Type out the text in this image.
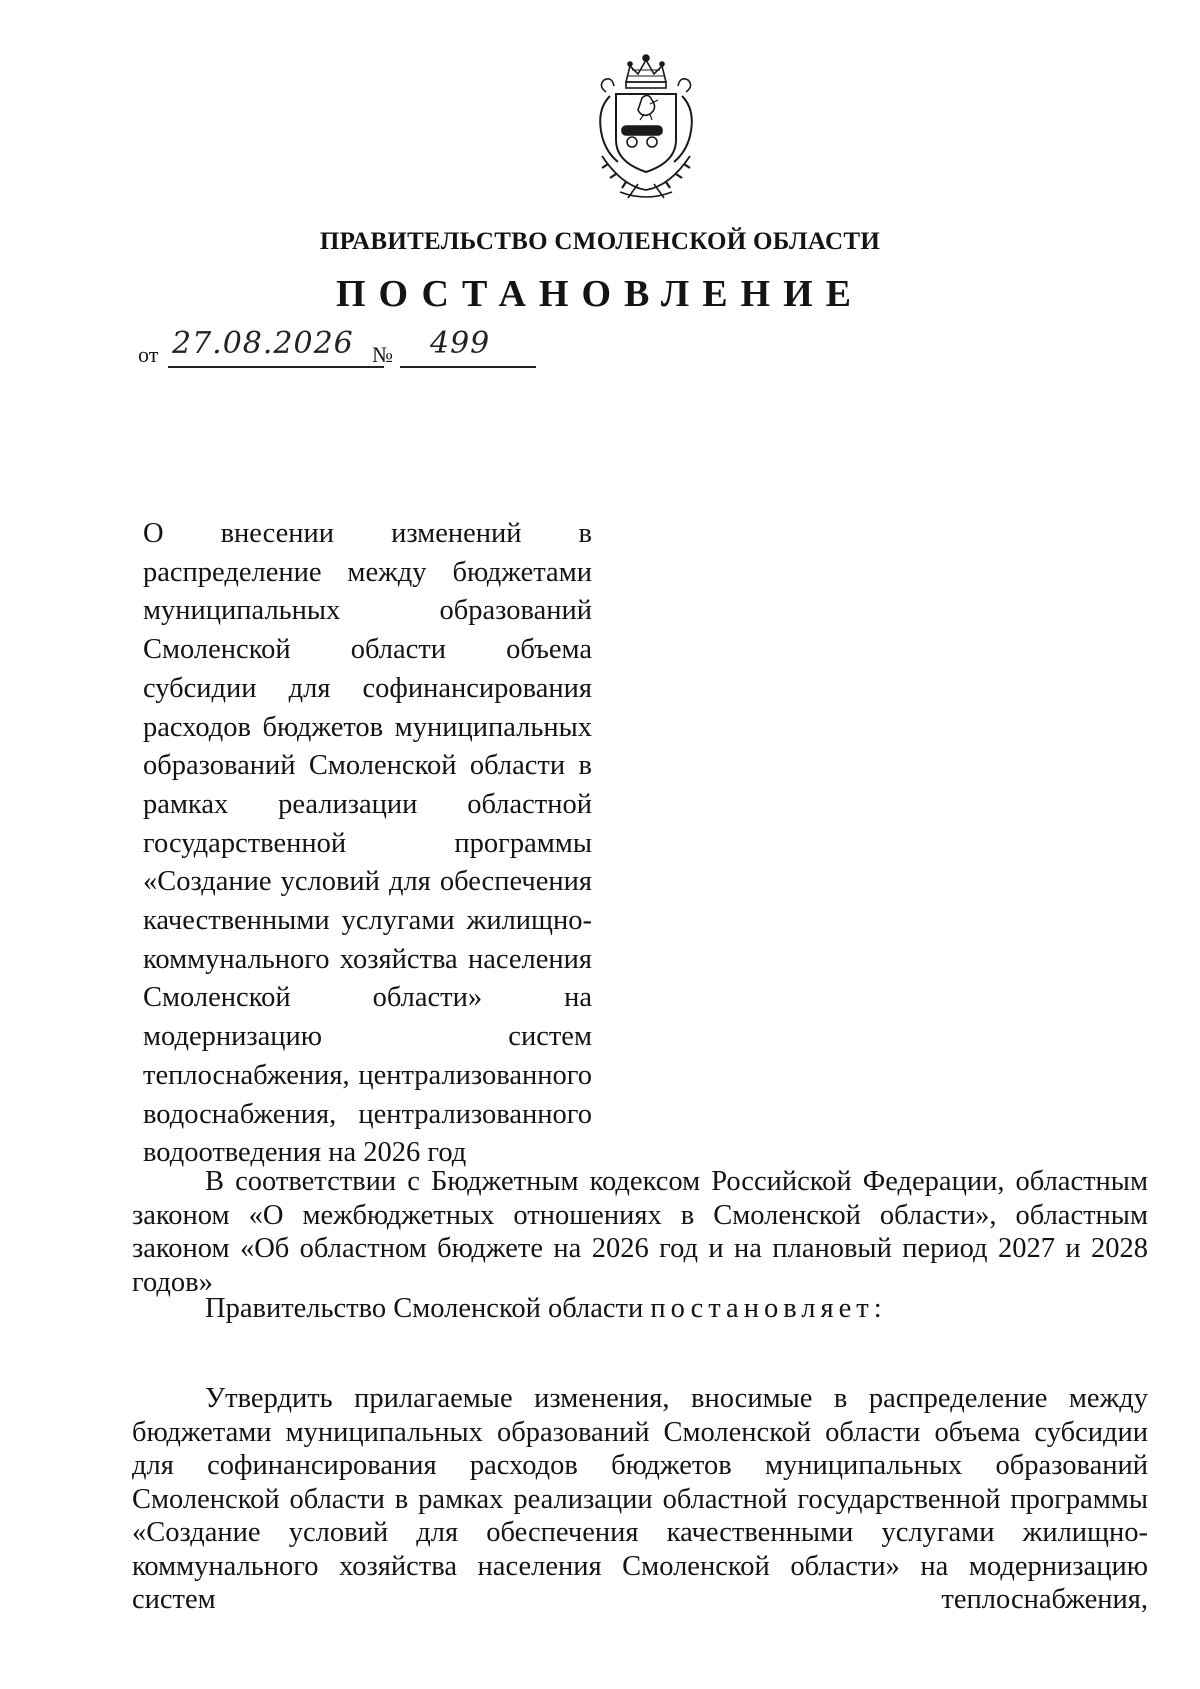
ПРАВИТЕЛЬСТВО СМОЛЕНСКОЙ ОБЛАСТИ
ПОСТАНОВЛЕНИЕ
от 27.08.2026 № 499
О внесении изменений в распределение между бюджетами муниципальных образований Смоленской области объема субсидии для софинансирования расходов бюджетов муниципальных образований Смоленской области в рамках реализации областной государственной программы «Создание условий для обеспечения качественными услугами жилищно-коммунального хозяйства населения Смоленской области» на модернизацию систем теплоснабжения, централизованного водоснабжения, централизованного водоотведения на 2026 год
В соответствии с Бюджетным кодексом Российской Федерации, областным законом «О межбюджетных отношениях в Смоленской области», областным законом «Об областном бюджете на 2026 год и на плановый период 2027 и 2028 годов»
Правительство Смоленской области постановляет:
Утвердить прилагаемые изменения, вносимые в распределение между бюджетами муниципальных образований Смоленской области объема субсидии для софинансирования расходов бюджетов муниципальных образований Смоленской области в рамках реализации областной государственной программы «Создание условий для обеспечения качественными услугами жилищно-коммунального хозяйства населения Смоленской области» на модернизацию систем теплоснабжения,
